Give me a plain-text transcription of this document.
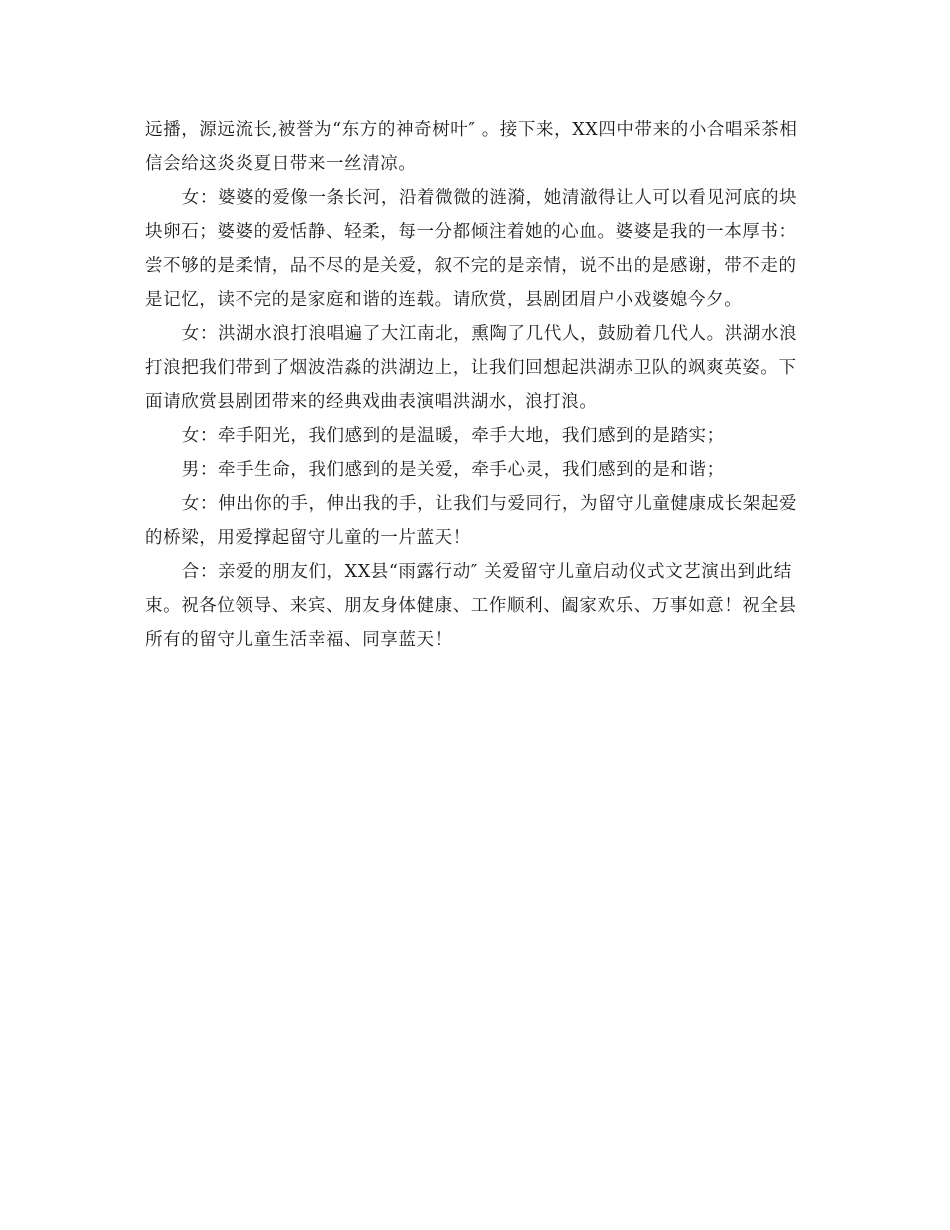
远播，源远流长,被誉为“东方的神奇树叶″ 。接下来，XX四中带来的小合唱采茶相信会给这炎炎夏日带来一丝清凉。

女：婆婆的爱像一条长河，沿着微微的涟漪，她清澈得让人可以看见河底的块块卵石；婆婆的爱恬静、轻柔，每一分都倾注着她的心血。婆婆是我的一本厚书：尝不够的是柔情，品不尽的是关爱，叙不完的是亲情，说不出的是感谢，带不走的是记忆，读不完的是家庭和谐的连载。请欣赏，县剧团眉户小戏婆媳今夕。

女：洪湖水浪打浪唱遍了大江南北，熏陶了几代人，鼓励着几代人。洪湖水浪打浪把我们带到了烟波浩淼的洪湖边上，让我们回想起洪湖赤卫队的飒爽英姿。下面请欣赏县剧团带来的经典戏曲表演唱洪湖水，浪打浪。

女：牵手阳光，我们感到的是温暖，牵手大地，我们感到的是踏实；

男：牵手生命，我们感到的是关爱，牵手心灵，我们感到的是和谐；

女：伸出你的手，伸出我的手，让我们与爱同行，为留守儿童健康成长架起爱的桥梁，用爱撑起留守儿童的一片蓝天！

合：亲爱的朋友们，XX县“雨露行动″ 关爱留守儿童启动仪式文艺演出到此结束。祝各位领导、来宾、朋友身体健康、工作顺利、阖家欢乐、万事如意！祝全县所有的留守儿童生活幸福、同享蓝天！
